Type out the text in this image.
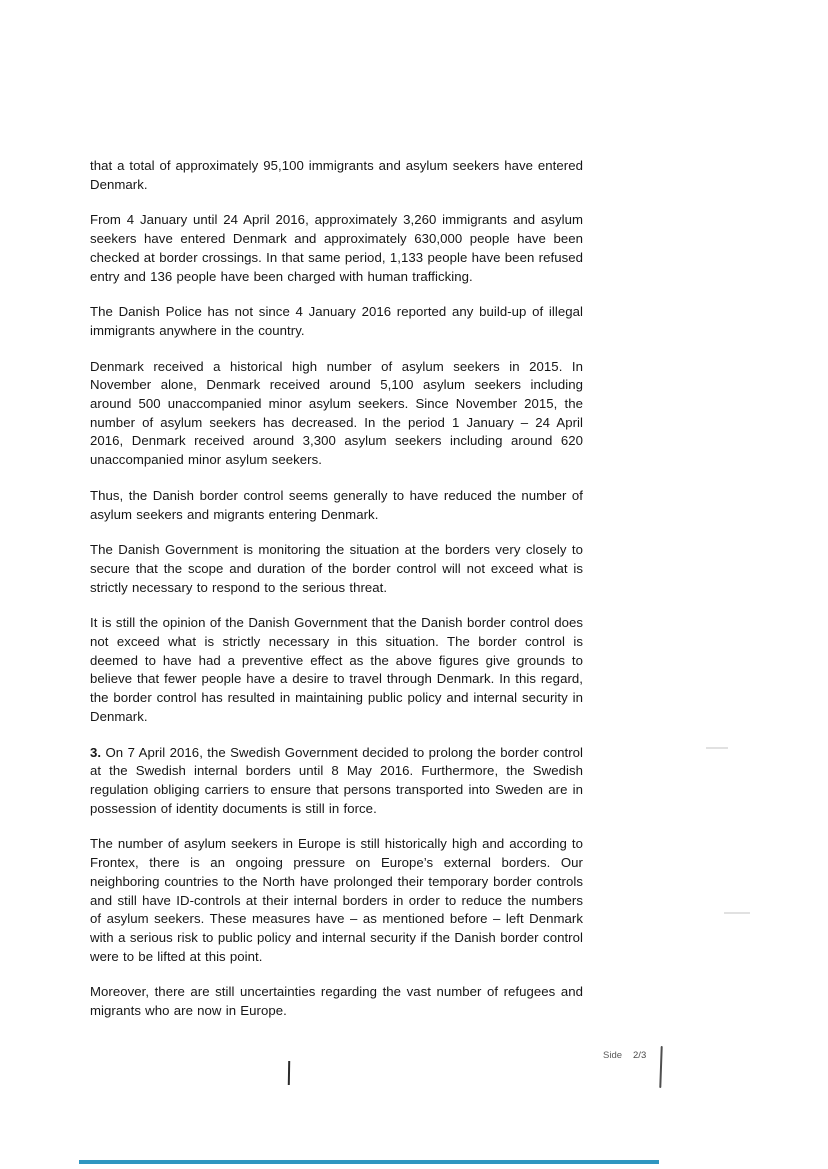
that a total of approximately 95,100 immigrants and asylum seekers have entered Denmark.

From 4 January until 24 April 2016, approximately 3,260 immigrants and asylum seekers have entered Denmark and approximately 630,000 people have been checked at border crossings. In that same period, 1,133 people have been refused entry and 136 people have been charged with human trafficking.

The Danish Police has not since 4 January 2016 reported any build-up of illegal immigrants anywhere in the country.

Denmark received a historical high number of asylum seekers in 2015. In November alone, Denmark received around 5,100 asylum seekers including around 500 unaccompanied minor asylum seekers. Since November 2015, the number of asylum seekers has decreased. In the period 1 January – 24 April 2016, Denmark received around 3,300 asylum seekers including around 620 unaccompanied minor asylum seekers.

Thus, the Danish border control seems generally to have reduced the number of asylum seekers and migrants entering Denmark.

The Danish Government is monitoring the situation at the borders very closely to secure that the scope and duration of the border control will not exceed what is strictly necessary to respond to the serious threat.

It is still the opinion of the Danish Government that the Danish border control does not exceed what is strictly necessary in this situation. The border control is deemed to have had a preventive effect as the above figures give grounds to believe that fewer people have a desire to travel through Denmark. In this regard, the border control has resulted in maintaining public policy and internal security in Denmark.

3. On 7 April 2016, the Swedish Government decided to prolong the border control at the Swedish internal borders until 8 May 2016. Furthermore, the Swedish regulation obliging carriers to ensure that persons transported into Sweden are in possession of identity documents is still in force.

The number of asylum seekers in Europe is still historically high and according to Frontex, there is an ongoing pressure on Europe’s external borders. Our neighboring countries to the North have prolonged their temporary border controls and still have ID-controls at their internal borders in order to reduce the numbers of asylum seekers. These measures have – as mentioned before – left Denmark with a serious risk to public policy and internal security if the Danish border control were to be lifted at this point.

Moreover, there are still uncertainties regarding the vast number of refugees and migrants who are now in Europe.

Side 2/3
